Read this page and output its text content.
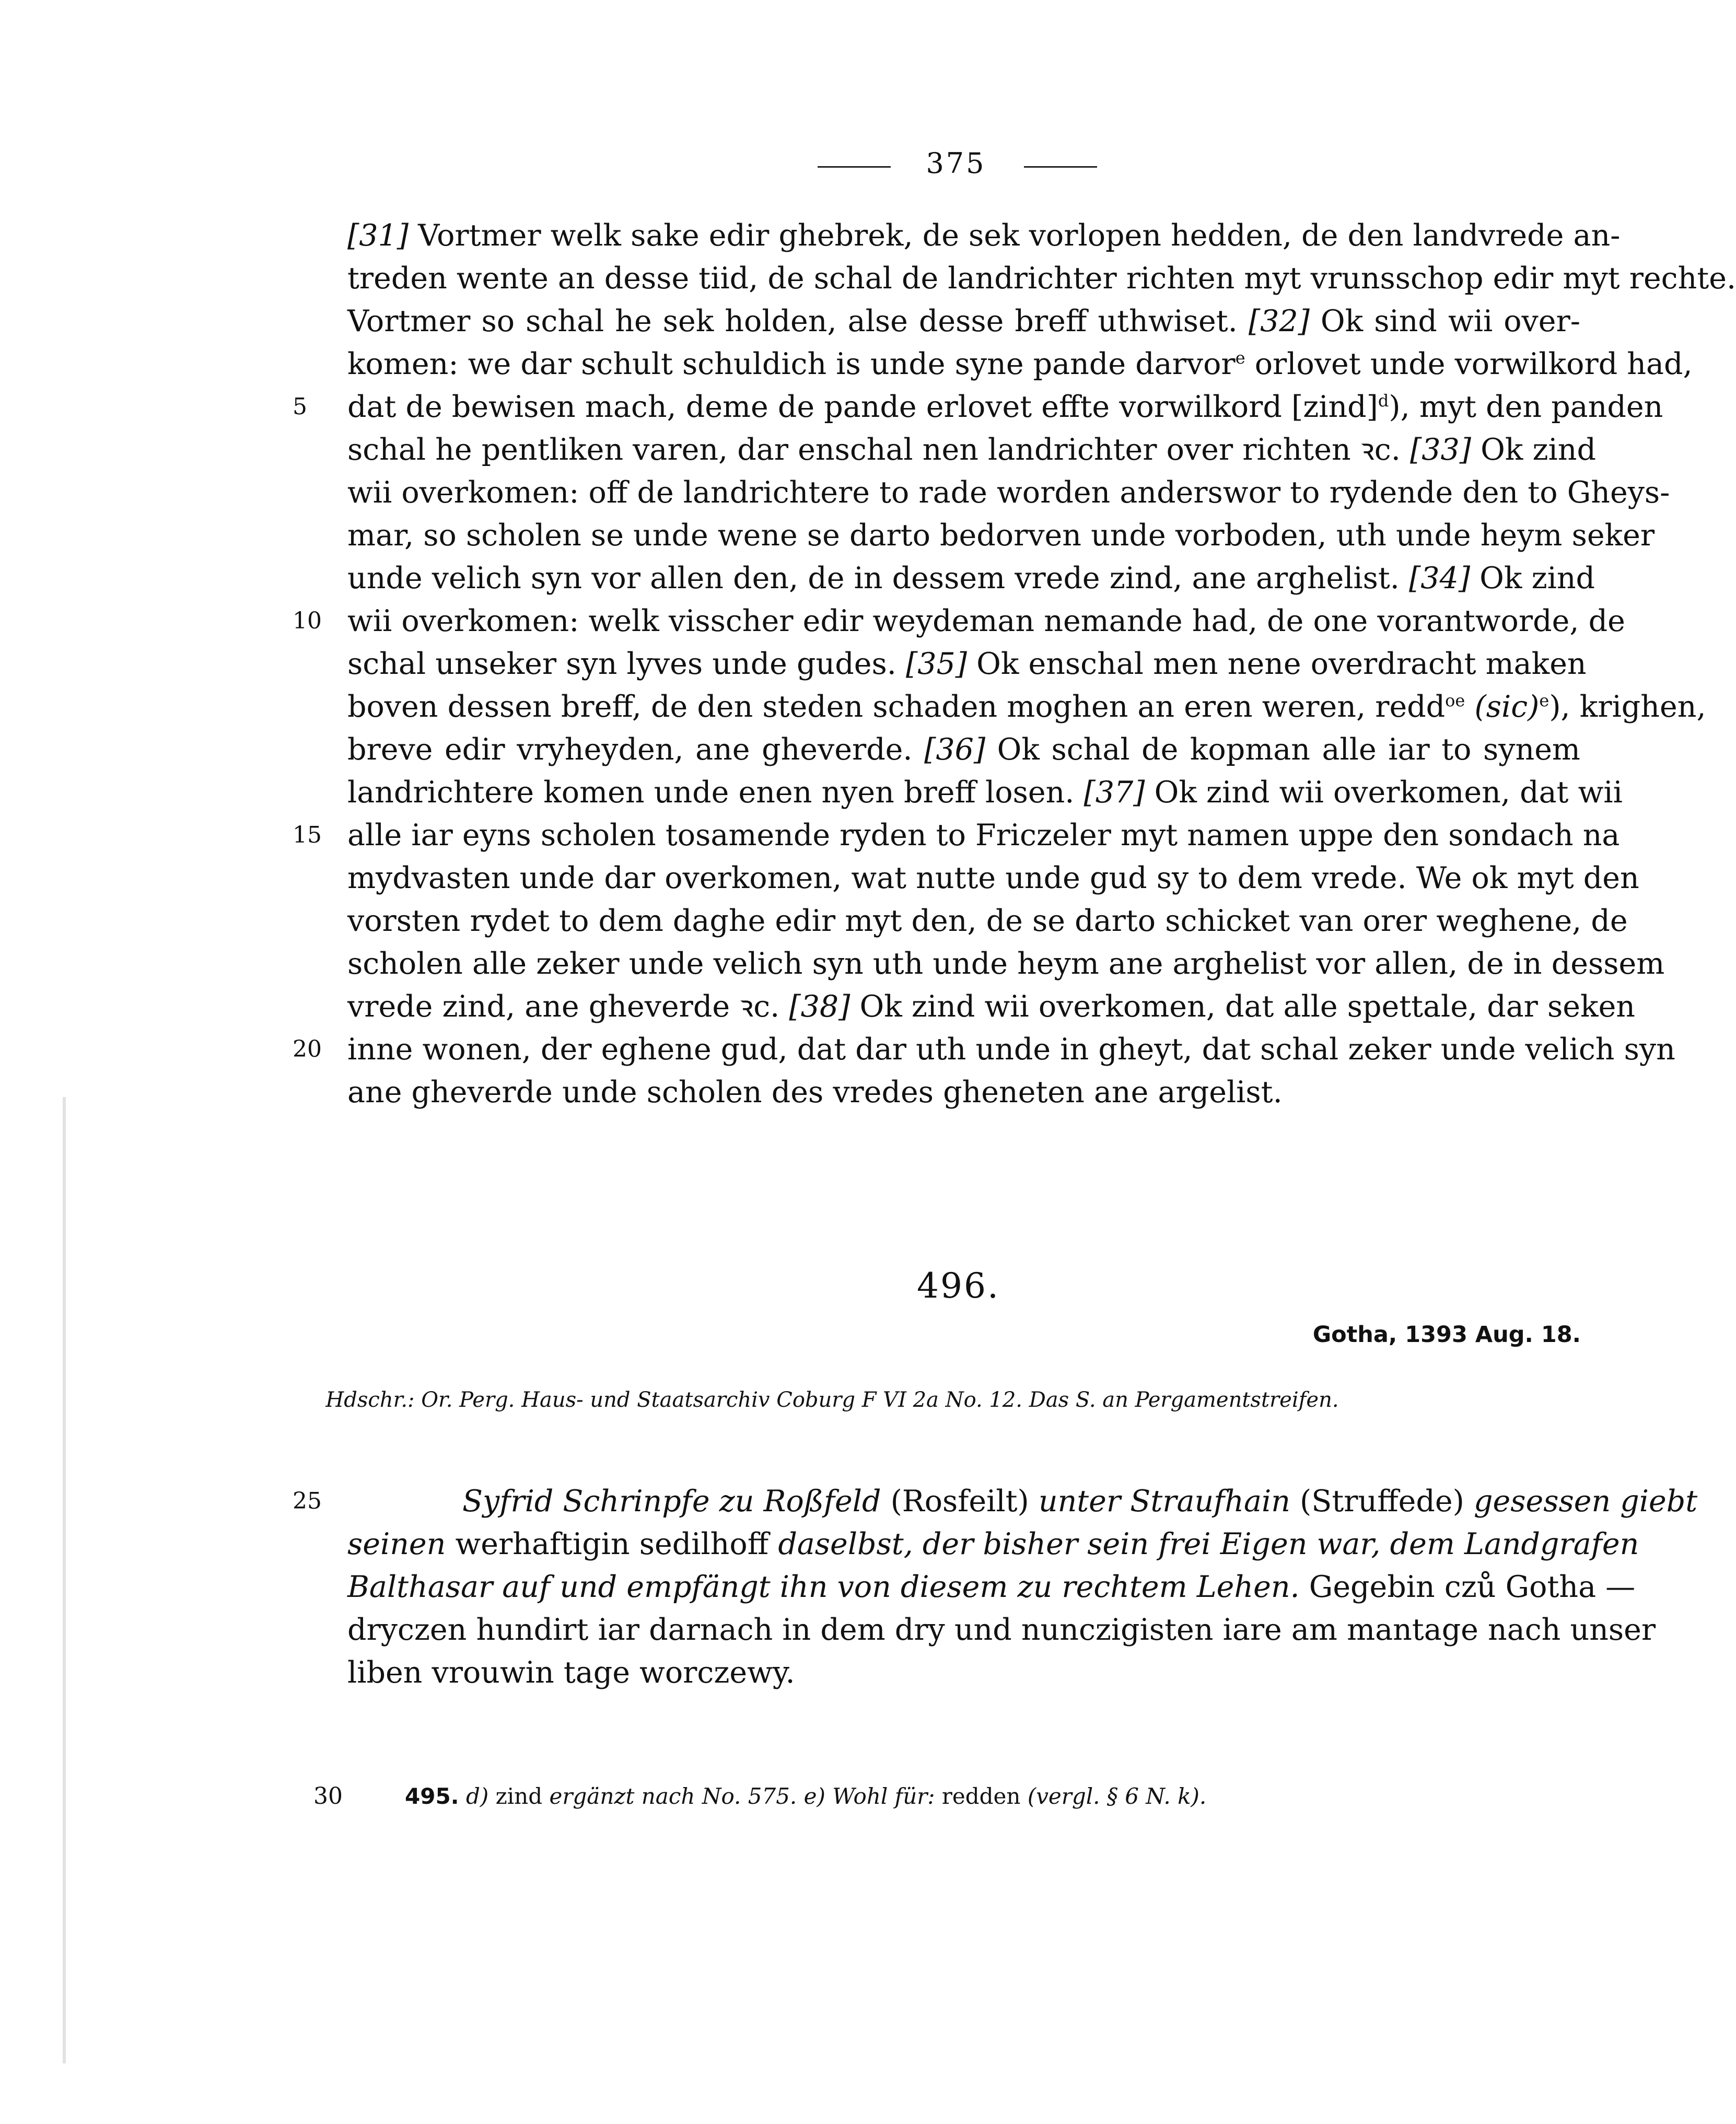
375
[31] Vortmer welk sake edir ghebrek, de sek vorlopen hedden, de den landvrede an-
treden wente an desse tiid, de schal de landrichter richten myt vrunsschop edir myt rechte.
Vortmer so schal he sek holden, alse desse breff uthwiset. [32] Ok sind wii over-
komen: we dar schult schuldich is unde syne pande darvor$^e$ orlovet unde vorwilkord had,
dat de bewisen mach, deme de pande erlovet effte vorwilkord [zind]$^d$), myt den panden
schal he pentliken varen, dar enschal nen landrichter over richten ꝛc. [33] Ok zind
wii overkomen: off de landrichtere to rade worden anderswor to rydende den to Gheys-
mar, so scholen se unde wene se darto bedorven unde vorboden, uth unde heym seker
unde velich syn vor allen den, de in dessem vrede zind, ane arghelist. [34] Ok zind
wii overkomen: welk visscher edir weydeman nemande had, de one vorantworde, de
schal unseker syn lyves unde gudes. [35] Ok enschal men nene overdracht maken
boven dessen breff, de den steden schaden moghen an eren weren, redd$^{oe}$ (sic)$^e$), krighen,
breve edir vryheyden, ane gheverde. [36] Ok schal de kopman alle iar to synem
landrichtere komen unde enen nyen breff losen. [37] Ok zind wii overkomen, dat wii
alle iar eyns scholen tosamende ryden to Friczeler myt namen uppe den sondach na
mydvasten unde dar overkomen, wat nutte unde gud sy to dem vrede. We ok myt den
vorsten rydet to dem daghe edir myt den, de se darto schicket van orer weghene, de
scholen alle zeker unde velich syn uth unde heym ane arghelist vor allen, de in dessem
vrede zind, ane gheverde ꝛc. [38] Ok zind wii overkomen, dat alle spettale, dar seken
inne wonen, der eghene gud, dat dar uth unde in gheyt, dat schal zeker unde velich syn
ane gheverde unde scholen des vredes gheneten ane argelist.
5
10
15
20
496.
Gotha, 1393 Aug. 18.
Hdschr.: Or. Perg. Haus- und Staatsarchiv Coburg F VI 2a No. 12. Das S. an Pergamentstreifen.
25	Syfrid Schrinpfe zu Roßfeld (Rosfeilt) unter Straufhain (Struffede) gesessen giebt
seinen werhaftigin sedilhoff daselbst, der bisher sein frei Eigen war, dem Landgrafen
Balthasar auf und empfängt ihn von diesem zu rechtem Lehen. Gegebin czů Gotha —
dryczen hundirt iar darnach in dem dry und nunczigisten iare am mantage nach unser
liben vrouwin tage worczewy.
30	495. d) zind ergänzt nach No. 575. e) Wohl für: redden (vergl. § 6 N. k).
